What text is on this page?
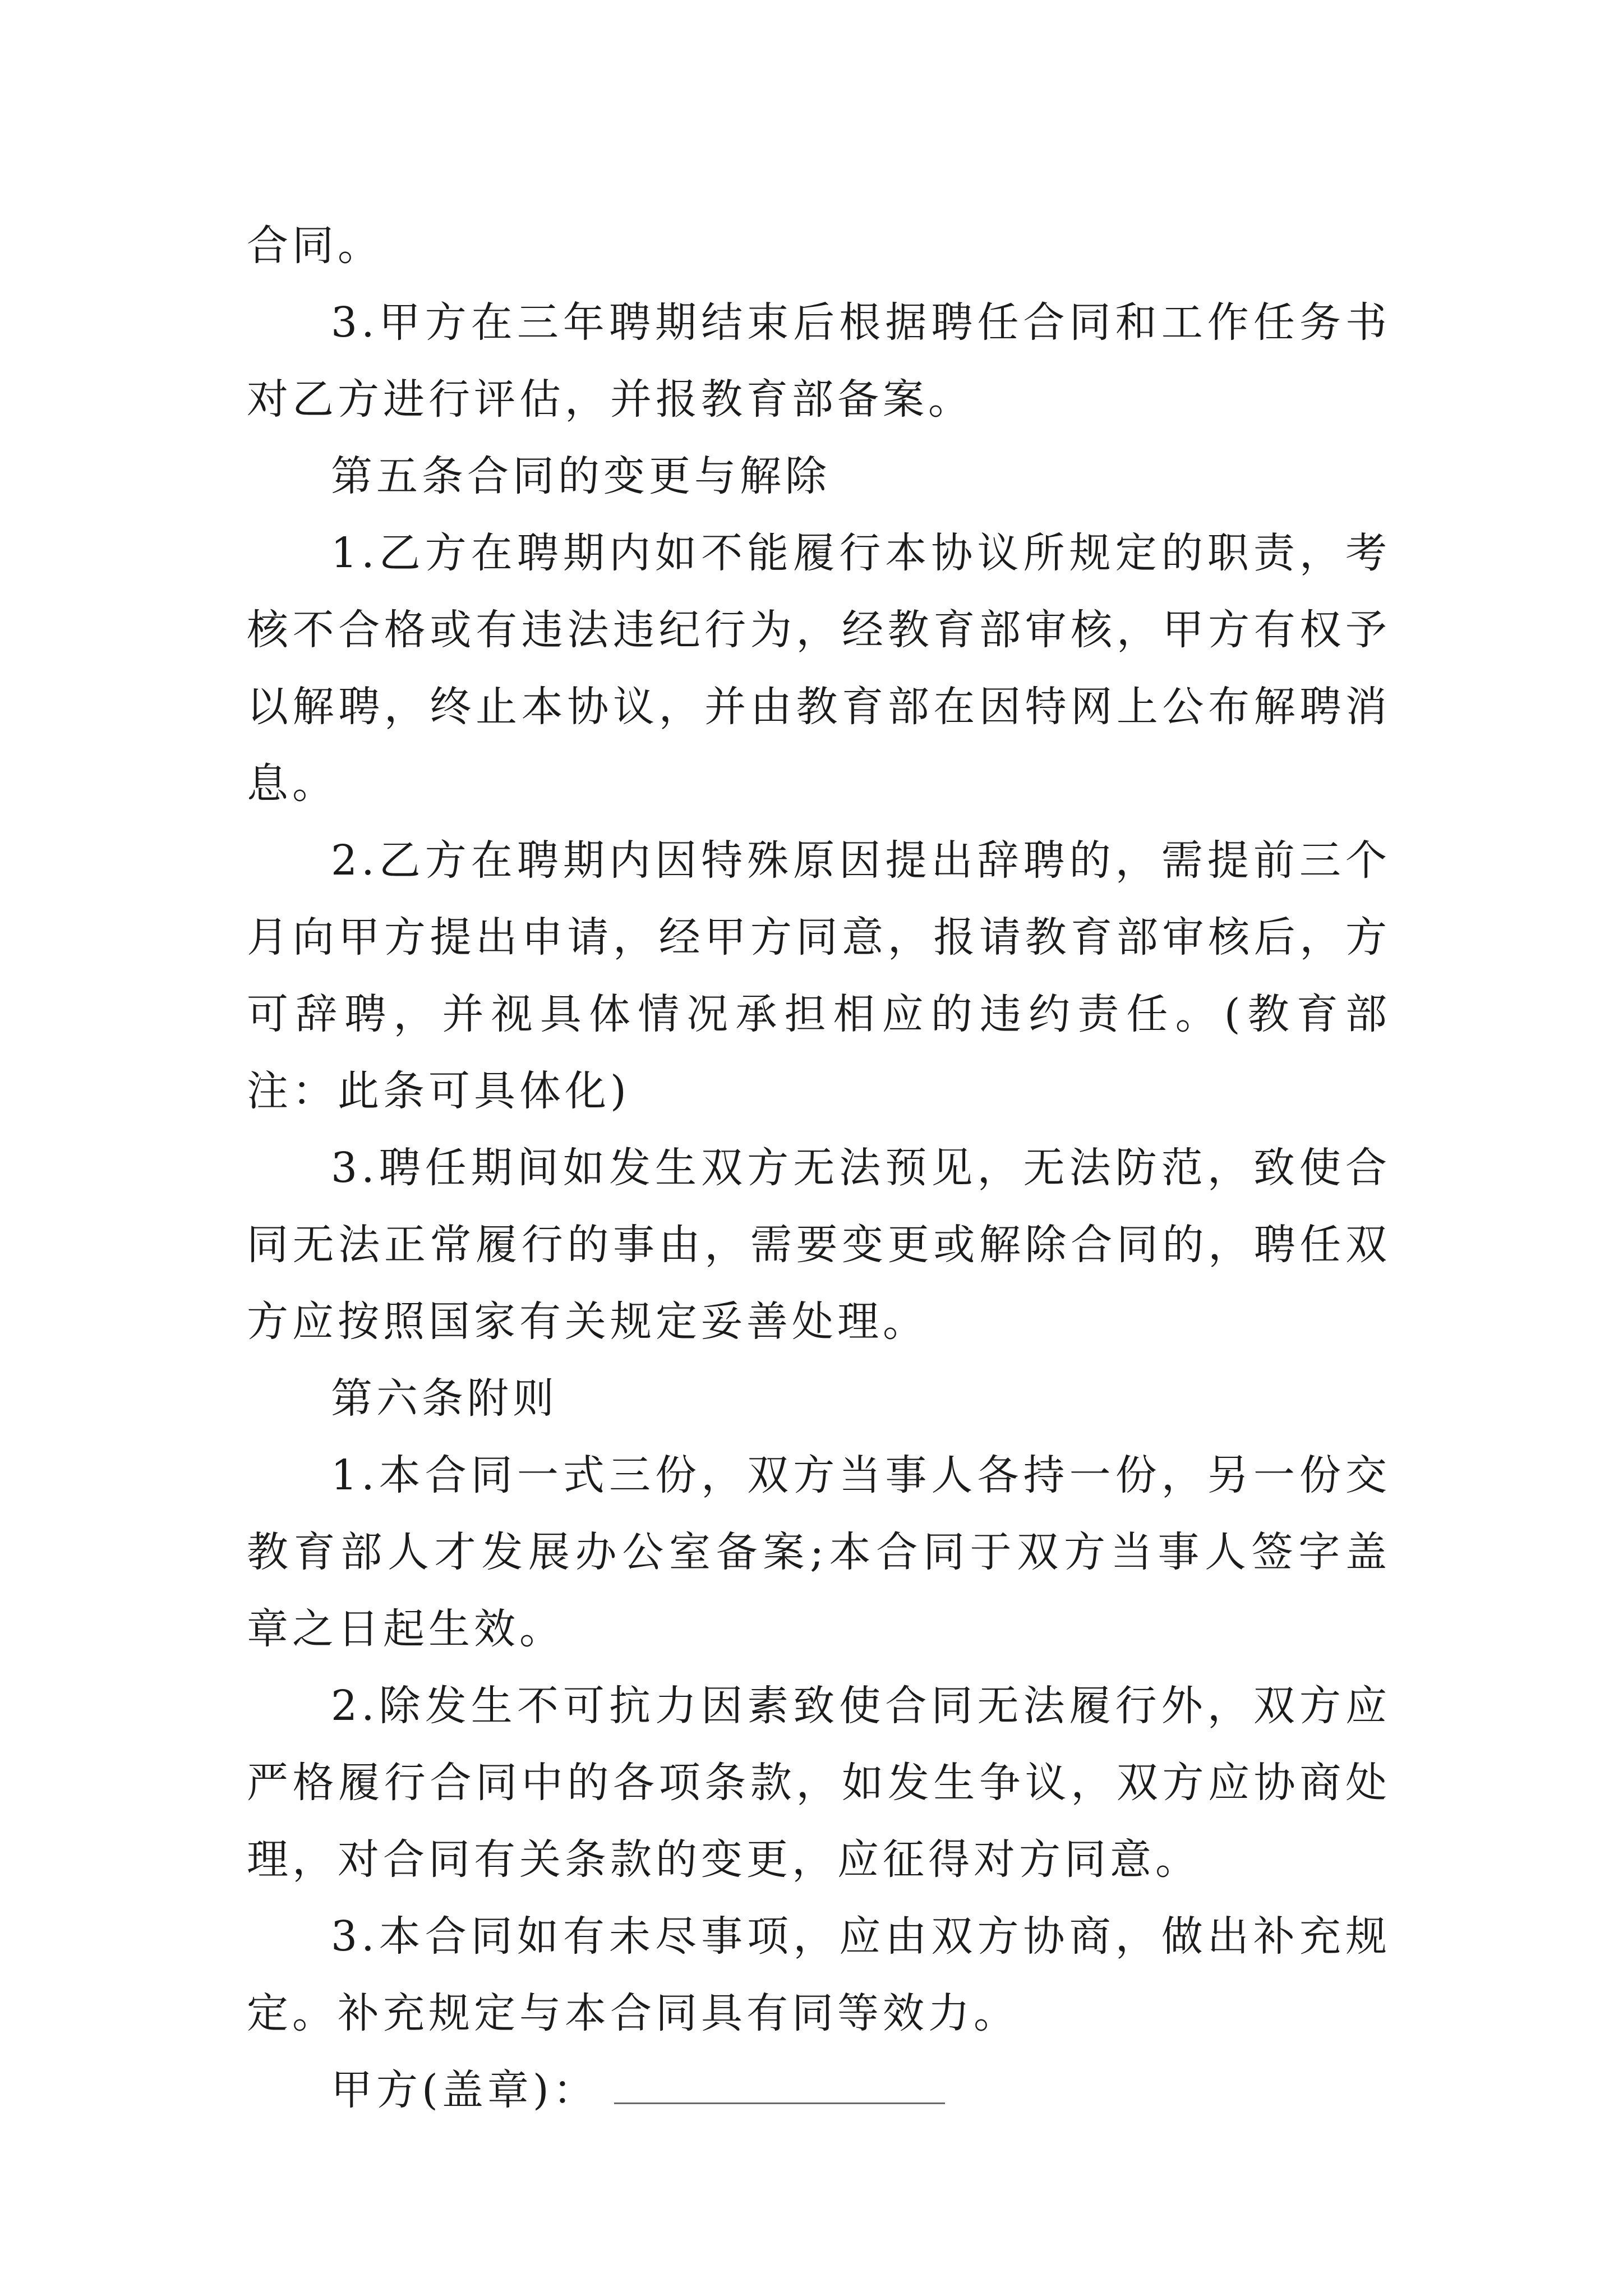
合同。

3.甲方在三年聘期结束后根据聘任合同和工作任务书对乙方进行评估，并报教育部备案。

第五条合同的变更与解除

1.乙方在聘期内如不能履行本协议所规定的职责，考核不合格或有违法违纪行为，经教育部审核，甲方有权予以解聘，终止本协议，并由教育部在因特网上公布解聘消息。

2.乙方在聘期内因特殊原因提出辞聘的，需提前三个月向甲方提出申请，经甲方同意，报请教育部审核后，方可辞聘，并视具体情况承担相应的违约责任。(教育部注：此条可具体化)

3.聘任期间如发生双方无法预见，无法防范，致使合同无法正常履行的事由，需要变更或解除合同的，聘任双方应按照国家有关规定妥善处理。

第六条附则

1.本合同一式三份，双方当事人各持一份，另一份交教育部人才发展办公室备案;本合同于双方当事人签字盖章之日起生效。

2.除发生不可抗力因素致使合同无法履行外，双方应严格履行合同中的各项条款，如发生争议，双方应协商处理，对合同有关条款的变更，应征得对方同意。

3.本合同如有未尽事项，应由双方协商，做出补充规定。补充规定与本合同具有同等效力。

甲方(盖章)：
